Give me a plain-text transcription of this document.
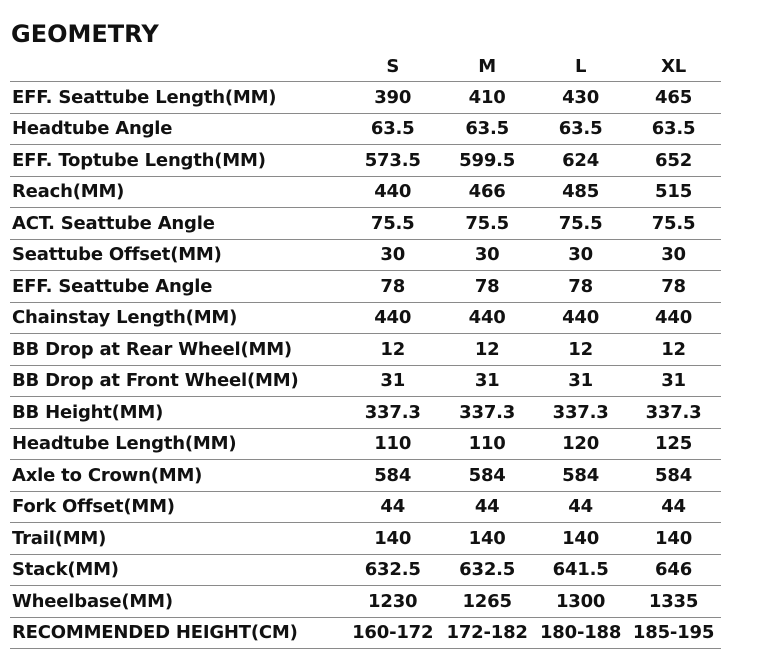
GEOMETRY
S	M	L	XL
EFF. Seattube Length(MM)	390	410	430	465
Headtube Angle	63.5	63.5	63.5	63.5
EFF. Toptube Length(MM)	573.5	599.5	624	652
Reach(MM)	440	466	485	515
ACT. Seattube Angle	75.5	75.5	75.5	75.5
Seattube Offset(MM)	30	30	30	30
EFF. Seattube Angle	78	78	78	78
Chainstay Length(MM)	440	440	440	440
BB Drop at Rear Wheel(MM)	12	12	12	12
BB Drop at Front Wheel(MM)	31	31	31	31
BB Height(MM)	337.3	337.3	337.3	337.3
Headtube Length(MM)	110	110	120	125
Axle to Crown(MM)	584	584	584	584
Fork Offset(MM)	44	44	44	44
Trail(MM)	140	140	140	140
Stack(MM)	632.5	632.5	641.5	646
Wheelbase(MM)	1230	1265	1300	1335
RECOMMENDED HEIGHT(CM)	160-172 172-182 180-188 185-195
